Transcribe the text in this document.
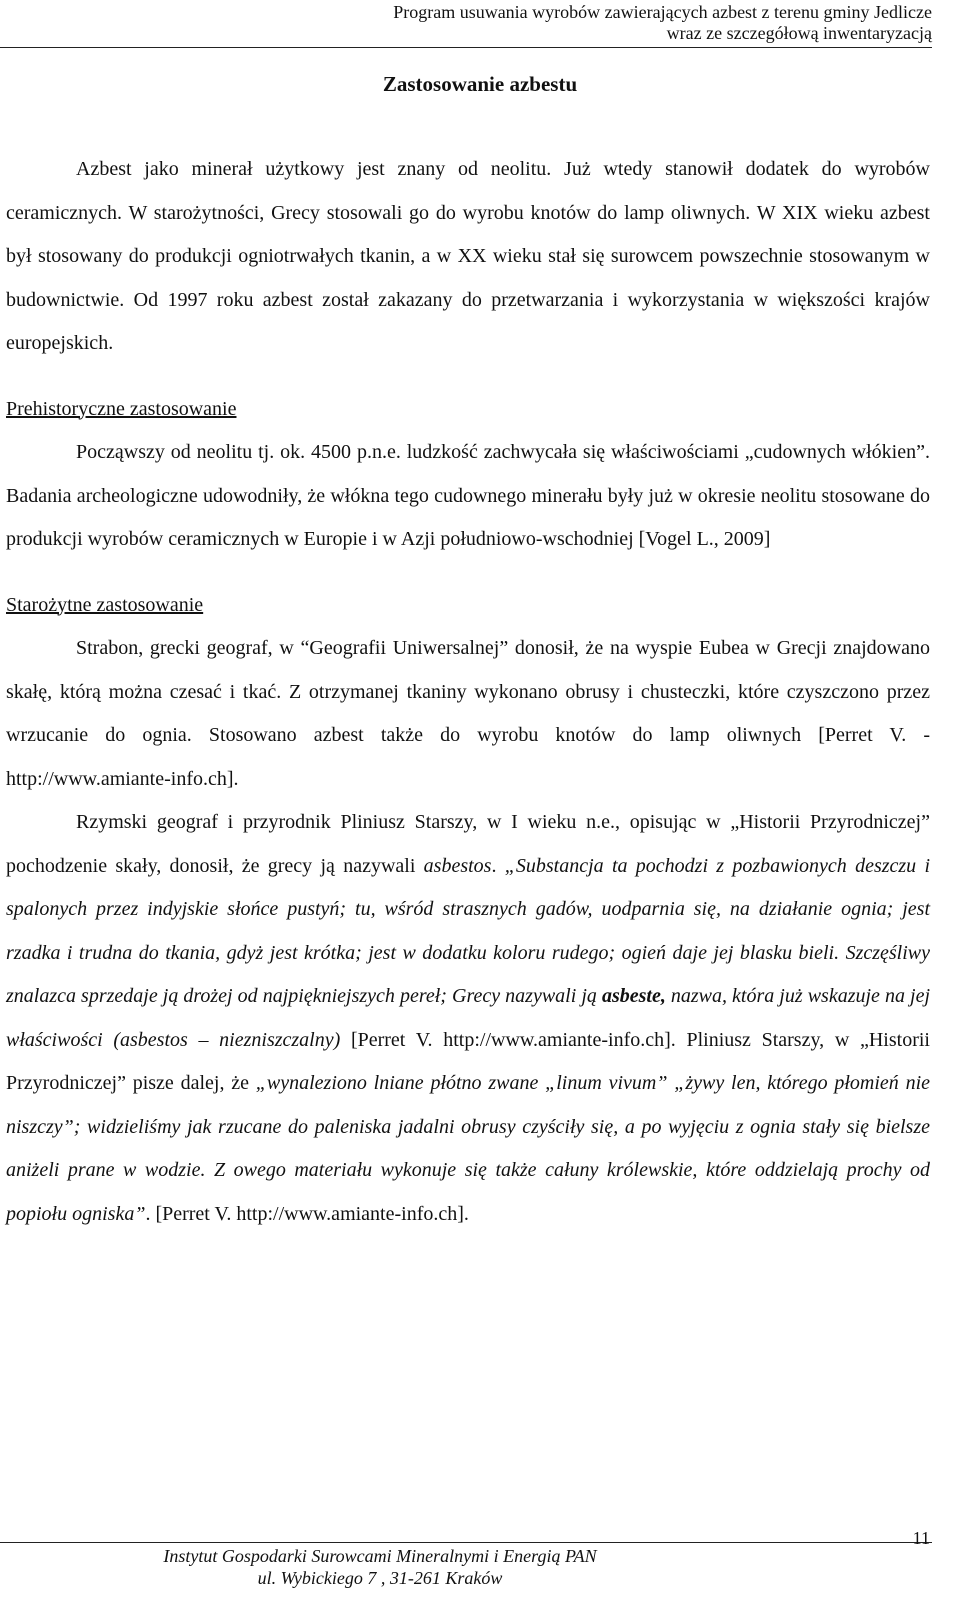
Program usuwania wyrobów zawierających azbest z terenu gminy Jedlicze
wraz ze szczegółową inwentaryzacją
Zastosowanie azbestu

Azbest jako minerał użytkowy jest znany od neolitu. Już wtedy stanowił dodatek do wyrobów ceramicznych. W starożytności, Grecy stosowali go do wyrobu knotów do lamp oliwnych. W XIX wieku azbest był stosowany do produkcji ogniotrwałych tkanin, a w XX wieku stał się surowcem powszechnie stosowanym w budownictwie. Od 1997 roku azbest został zakazany do przetwarzania i wykorzystania w większości krajów europejskich.

Prehistoryczne zastosowanie

Począwszy od neolitu tj. ok. 4500 p.n.e. ludzkość zachwycała się właściwościami „cudownych włókien”. Badania archeologiczne udowodniły, że włókna tego cudownego minerału były już w okresie neolitu stosowane do produkcji wyrobów ceramicznych w Europie i w Azji południowo-wschodniej [Vogel L., 2009]

Starożytne zastosowanie

Strabon, grecki geograf, w “Geografii Uniwersalnej” donosił, że na wyspie Eubea w Grecji znajdowano skałę, którą można czesać i tkać. Z otrzymanej tkaniny wykonano obrusy i chusteczki, które czyszczono przez wrzucanie do ognia. Stosowano azbest także do wyrobu knotów do lamp oliwnych [Perret V. - http://www.amiante-info.ch].

Rzymski geograf i przyrodnik Pliniusz Starszy, w I wieku n.e., opisując w „Historii Przyrodniczej” pochodzenie skały, donosił, że grecy ją nazywali asbestos. „Substancja ta pochodzi z pozbawionych deszczu i spalonych przez indyjskie słońce pustyń; tu, wśród strasznych gadów, uodparnia się, na działanie ognia; jest rzadka i trudna do tkania, gdyż jest krótka; jest w dodatku koloru rudego; ogień daje jej blasku bieli. Szczęśliwy znalazca sprzedaje ją drożej od najpiękniejszych pereł; Grecy nazywali ją asbeste, nazwa, która już wskazuje na jej właściwości (asbestos – niezniszczalny) [Perret V. http://www.amiante-info.ch]. Pliniusz Starszy, w „Historii Przyrodniczej” pisze dalej, że „wynaleziono lniane płótno zwane „linum vivum” „żywy len, którego płomień nie niszczy”; widzieliśmy jak rzucane do paleniska jadalni obrusy czyściły się, a po wyjęciu z ognia stały się bielsze aniżeli prane w wodzie. Z owego materiału wykonuje się także całuny królewskie, które oddzielają prochy od popiołu ogniska”. [Perret V. http://www.amiante-info.ch].

Instytut Gospodarki Surowcami Mineralnymi i Energią PAN
ul. Wybickiego 7 , 31-261 Kraków
11
